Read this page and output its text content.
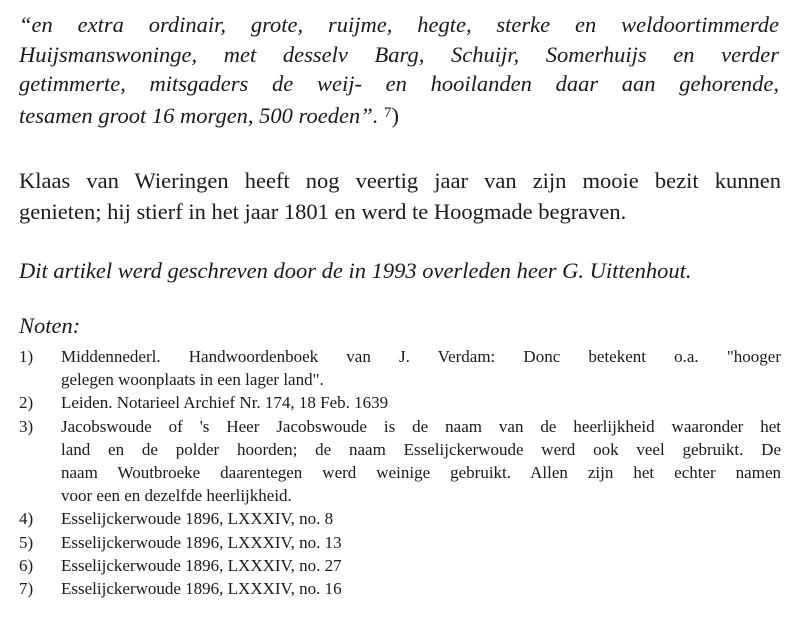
“en extra ordinair, grote, ruijme, hegte, sterke en weldoortimmerde
Huijsmanswoninge, met desselv Barg, Schuijr, Somerhuijs en verder
getimmerte, mitsgaders de weij- en hooilanden daar aan gehorende,
tesamen groot 16 morgen, 500 roeden”. $^7$)
Klaas van Wieringen heeft nog veertig jaar van zijn mooie bezit kunnen
genieten; hij stierf in het jaar 1801 en werd te Hoogmade begraven.
Dit artikel werd geschreven door de in 1993 overleden heer G. Uittenhout.
Noten:
1) Middennederl. Handwoordenboek van J. Verdam: Donc betekent o.a. "hooger
gelegen woonplaats in een lager land".
2) Leiden. Notarieel Archief Nr. 174, 18 Feb. 1639
3) Jacobswoude of 's Heer Jacobswoude is de naam van de heerlijkheid waaronder het
land en de polder hoorden; de naam Esselijckerwoude werd ook veel gebruikt. De
naam Woutbroeke daarentegen werd weinige gebruikt. Allen zijn het echter namen
voor een en dezelfde heerlijkheid.
4) Esselijckerwoude 1896, LXXXIV, no. 8
5) Esselijckerwoude 1896, LXXXIV, no. 13
6) Esselijckerwoude 1896, LXXXIV, no. 27
7) Esselijckerwoude 1896, LXXXIV, no. 16
